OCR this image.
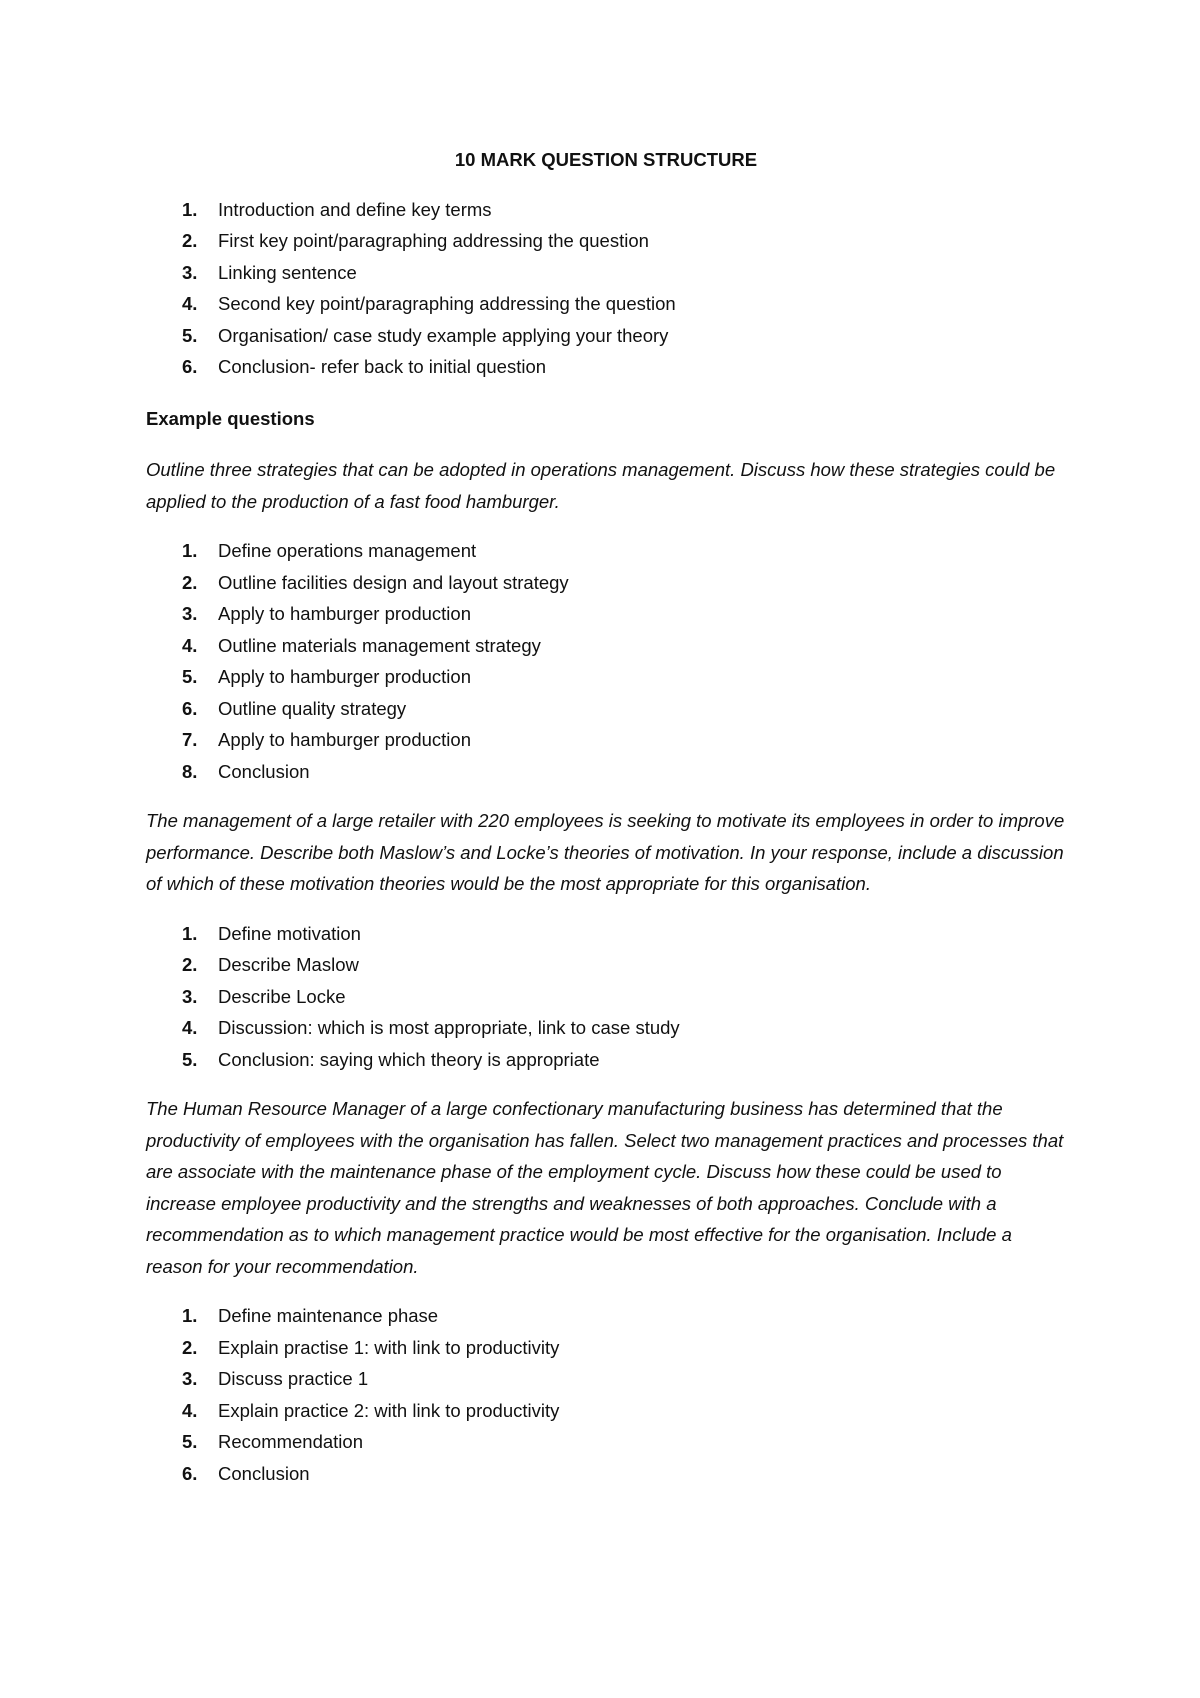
10 MARK QUESTION STRUCTURE
1. Introduction and define key terms
2. First key point/paragraphing addressing the question
3. Linking sentence
4. Second key point/paragraphing addressing the question
5. Organisation/ case study example applying your theory
6. Conclusion- refer back to initial question
Example questions
Outline three strategies that can be adopted in operations management. Discuss how these strategies could be applied to the production of a fast food hamburger.
1. Define operations management
2. Outline facilities design and layout strategy
3. Apply to hamburger production
4. Outline materials management strategy
5. Apply to hamburger production
6. Outline quality strategy
7. Apply to hamburger production
8. Conclusion
The management of a large retailer with 220 employees is seeking to motivate its employees in order to improve performance. Describe both Maslow’s and Locke’s theories of motivation. In your response, include a discussion of which of these motivation theories would be the most appropriate for this organisation.
1. Define motivation
2. Describe Maslow
3. Describe Locke
4. Discussion: which is most appropriate, link to case study
5. Conclusion: saying which theory is appropriate
The Human Resource Manager of a large confectionary manufacturing business has determined that the productivity of employees with the organisation has fallen. Select two management practices and processes that are associate with the maintenance phase of the employment cycle. Discuss how these could be used to increase employee productivity and the strengths and weaknesses of both approaches. Conclude with a recommendation as to which management practice would be most effective for the organisation. Include a reason for your recommendation.
1. Define maintenance phase
2. Explain practise 1: with link to productivity
3. Discuss practice 1
4. Explain practice 2: with link to productivity
5. Recommendation
6. Conclusion
